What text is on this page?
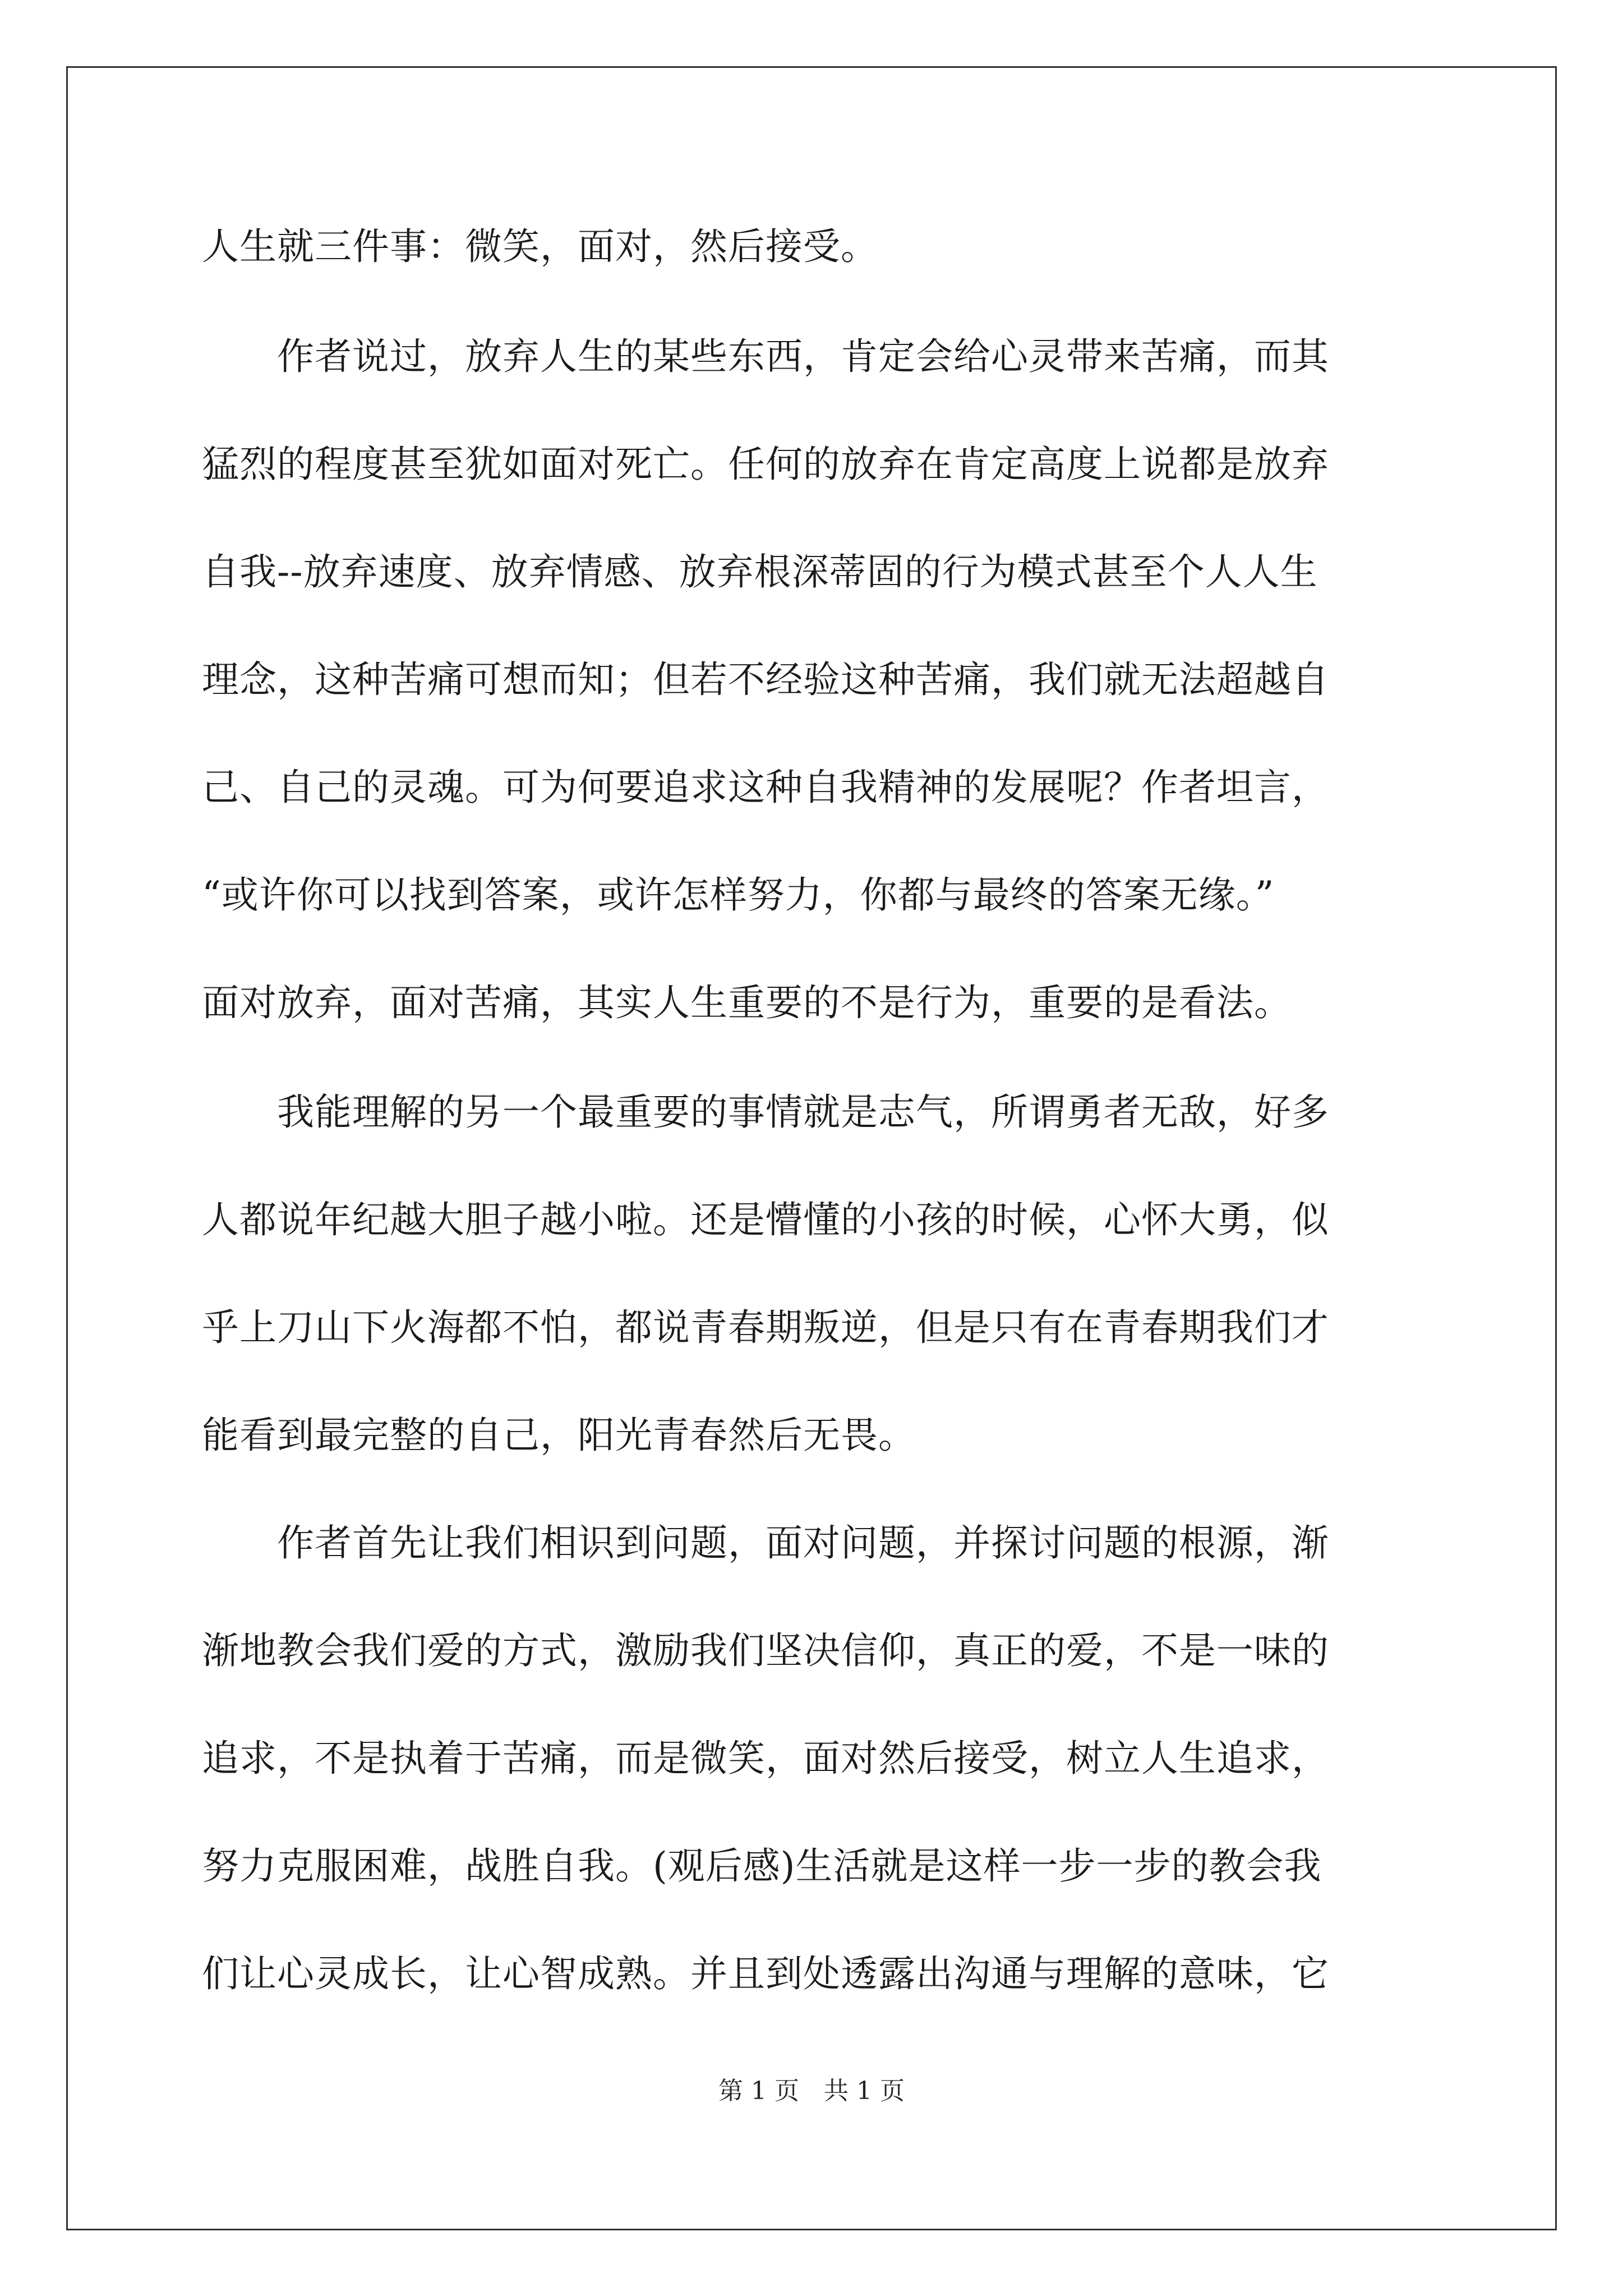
人生就三件事：微笑，面对，然后接受。
　　作者说过，放弃人生的某些东西，肯定会给心灵带来苦痛，而其
猛烈的程度甚至犹如面对死亡。任何的放弃在肯定高度上说都是放弃
自我--放弃速度、放弃情感、放弃根深蒂固的行为模式甚至个人人生
理念，这种苦痛可想而知；但若不经验这种苦痛，我们就无法超越自
己、自己的灵魂。可为何要追求这种自我精神的发展呢？作者坦言，
“或许你可以找到答案，或许怎样努力，你都与最终的答案无缘。”
面对放弃，面对苦痛，其实人生重要的不是行为，重要的是看法。
　　我能理解的另一个最重要的事情就是志气，所谓勇者无敌，好多
人都说年纪越大胆子越小啦。还是懵懂的小孩的时候，心怀大勇，似
乎上刀山下火海都不怕，都说青春期叛逆，但是只有在青春期我们才
能看到最完整的自己，阳光青春然后无畏。
　　作者首先让我们相识到问题，面对问题，并探讨问题的根源，渐
渐地教会我们爱的方式，激励我们坚决信仰，真正的爱，不是一味的
追求，不是执着于苦痛，而是微笑，面对然后接受，树立人生追求，
努力克服困难，战胜自我。(观后感)生活就是这样一步一步的教会我
们让心灵成长，让心智成熟。并且到处透露出沟通与理解的意味，它
第 1 页　共 1 页
